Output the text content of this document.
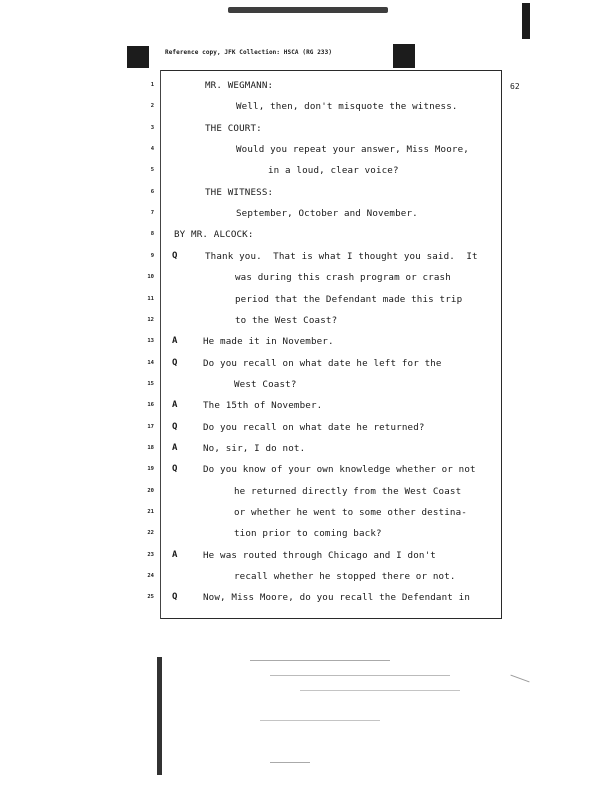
Reference copy, JFK Collection: HSCA (RG 233)
62
1	MR. WEGMANN:
2	Well, then, don't misquote the witness.
3	THE COURT:
4	Would you repeat your answer, Miss Moore,
5	in a loud, clear voice?
6	THE WITNESS:
7	September, October and November.
8 BY MR. ALCOCK:
9 Q	Thank you.  That is what I thought you said.  It
10	was during this crash program or crash
11	period that the Defendant made this trip
12	to the West Coast?
13 A	He made it in November.
14 Q	Do you recall on what date he left for the
15	West Coast?
16 A	The 15th of November.
17 Q	Do you recall on what date he returned?
18 A	No, sir, I do not.
19 Q	Do you know of your own knowledge whether or not
20	he returned directly from the West Coast
21	or whether he went to some other destina-
22	tion prior to coming back?
23 A	He was routed through Chicago and I don't
24	recall whether he stopped there or not.
25 Q	Now, Miss Moore, do you recall the Defendant in
